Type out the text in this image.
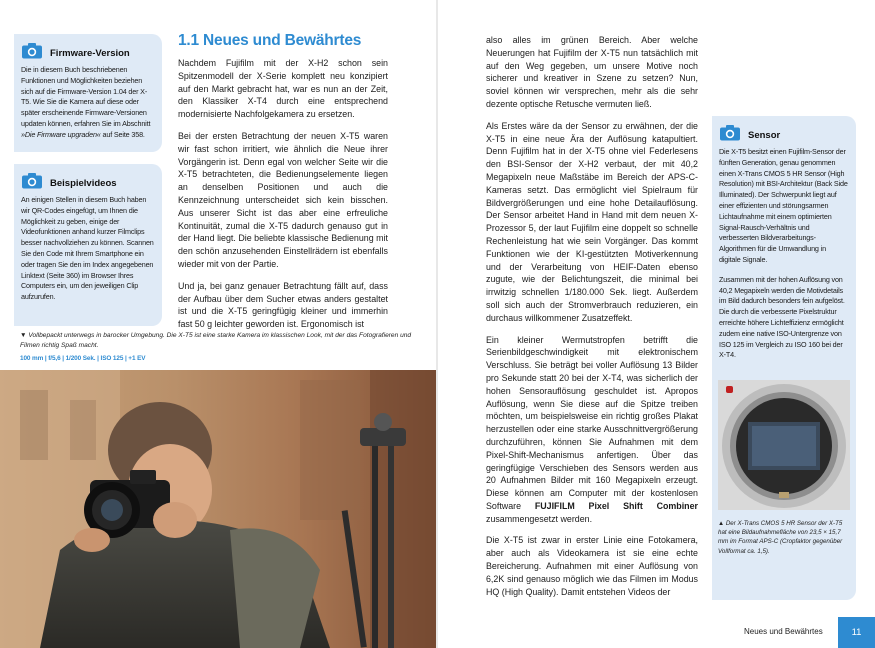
Firmware-Version
Die in diesem Buch beschriebenen Funktionen und Möglichkeiten beziehen sich auf die Firmware-Version 1.04 der X-T5. Wie Sie die Kamera auf diese oder später erscheinende Firmware-Versionen updaten können, erfahren Sie im Abschnitt »Die Firmware upgraden« auf Seite 358.
Beispielvideos
An einigen Stellen in diesem Buch haben wir QR-Codes eingefügt, um Ihnen die Möglichkeit zu geben, einige der Videofunktionen anhand kurzer Filmclips besser nachvollziehen zu können. Scannen Sie den Code mit Ihrem Smartphone ein oder tragen Sie den im Index angegebenen Linktext (Seite 360) im Browser Ihres Computers ein, um den jeweiligen Clip aufzurufen.
1.1 Neues und Bewährtes

Nachdem Fujifilm mit der X-H2 schon sein Spitzenmodell der X-Serie komplett neu konzipiert auf den Markt gebracht hat, war es nun an der Zeit, den Klassiker X-T4 durch eine entsprechend modernisierte Nachfolgekamera zu ersetzen.

Bei der ersten Betrachtung der neuen X-T5 waren wir fast schon irritiert, wie ähnlich die Neue ihrer Vorgängerin ist. Denn egal von welcher Seite wir die X-T5 betrachteten, die Bedienungselemente liegen an denselben Positionen und auch die Kennzeichnung unterscheidet sich kein bisschen. Aus unserer Sicht ist das aber eine erfreuliche Kontinuität, zumal die X-T5 dadurch genauso gut in der Hand liegt. Die beliebte klassische Bedienung mit den schön anzusehenden Einstellrädern ist ebenfalls wieder mit von der Partie.

Und ja, bei ganz genauer Betrachtung fällt auf, dass der Aufbau über dem Sucher etwas anders gestaltet ist und die X-T5 geringfügig kleiner und immerhin fast 50 g leichter geworden ist. Ergonomisch ist

▼ Vollbepackt unterwegs in barocker Umgebung. Die X-T5 ist eine starke Kamera im klassischen Look, mit der das Fotografieren und Filmen richtig Spaß macht.
100 mm | f/5,6 | 1/200 Sek. | ISO 125 | +1 EV

also alles im grünen Bereich. Aber welche Neuerungen hat Fujifilm der X-T5 nun tatsächlich mit auf den Weg gegeben, um unsere Motive noch sicherer und kreativer in Szene zu setzen? Nun, soviel können wir versprechen, mehr als die sehr dezente optische Retusche vermuten ließ.

Als Erstes wäre da der Sensor zu erwähnen, der die X-T5 in eine neue Ära der Auflösung katapultiert. Denn Fujifilm hat in der X-T5 ohne viel Federlesens den BSI-Sensor der X-H2 verbaut, der mit 40,2 Megapixeln neue Maßstäbe im Bereich der APS-C-Kameras setzt. Das ermöglicht viel Spielraum für Bildvergrößerungen und eine hohe Detailauflösung. Der Sensor arbeitet Hand in Hand mit dem neuen X-Prozessor 5, der laut Fujifilm eine doppelt so schnelle Rechenleistung hat wie sein Vorgänger. Das kommt Funktionen wie der KI-gestützten Motiverkennung und der Verarbeitung von HEIF-Daten ebenso zugute, wie der Belichtungszeit, die minimal bei irrwitzig schnellen 1/180.000 Sek. liegt. Außerdem soll sich auch der Stromverbrauch reduzieren, ein durchaus willkommener Zusatzeffekt.

Ein kleiner Wermutstropfen betrifft die Serienbildgeschwindigkeit mit elektronischem Verschluss. Sie beträgt bei voller Auflösung 13 Bilder pro Sekunde statt 20 bei der X-T4, was sicherlich der hohen Sensorauflösung geschuldet ist. Apropos Auflösung, wenn Sie diese auf die Spitze treiben möchten, um beispielsweise ein richtig großes Plakat herzustellen oder eine starke Ausschnittvergrößerung durchzuführen, können Sie Aufnahmen mit dem Pixel-Shift-Mechanismus anfertigen. Über das geringfügige Verschieben des Sensors werden aus 20 Aufnahmen Bilder mit 160 Megapixeln erzeugt. Diese können am Computer mit der kostenlosen Software FUJIFILM Pixel Shift Combiner zusammengesetzt werden.

Die X-T5 ist zwar in erster Linie eine Fotokamera, aber auch als Videokamera ist sie eine echte Bereicherung. Aufnahmen mit einer Auflösung von 6,2K sind genauso möglich wie das Filmen im Modus HQ (High Quality). Damit entstehen Videos der

Sensor

Die X-T5 besitzt einen Fujifilm-Sensor der fünften Generation, genau genommen einen X-Trans CMOS 5 HR Sensor (High Resolution) mit BSI-Architektur (Back Side Illuminated). Der Schwerpunkt liegt auf einer effizienten und störungsarmen Lichtaufnahme mit einem optimierten Signal-Rausch-Verhältnis und verbesserten Bildverarbeitungs-Algorithmen für die Umwandlung in digitale Signale.

Zusammen mit der hohen Auflösung von 40,2 Megapixeln werden die Motivdetails im Bild dadurch besonders fein aufgelöst. Die durch die verbesserte Pixelstruktur erreichte höhere Lichteffizienz ermöglicht zudem eine native ISO-Untergrenze von ISO 125 im Vergleich zu ISO 160 bei der X-T4.

▲ Der X-Trans CMOS 5 HR Sensor der X-T5 hat eine Bildaufnahmefläche von 23,5 × 15,7 mm im Format APS-C (Cropfaktor gegenüber Vollformat ca. 1,5).
Neues und Bewährtes	11
